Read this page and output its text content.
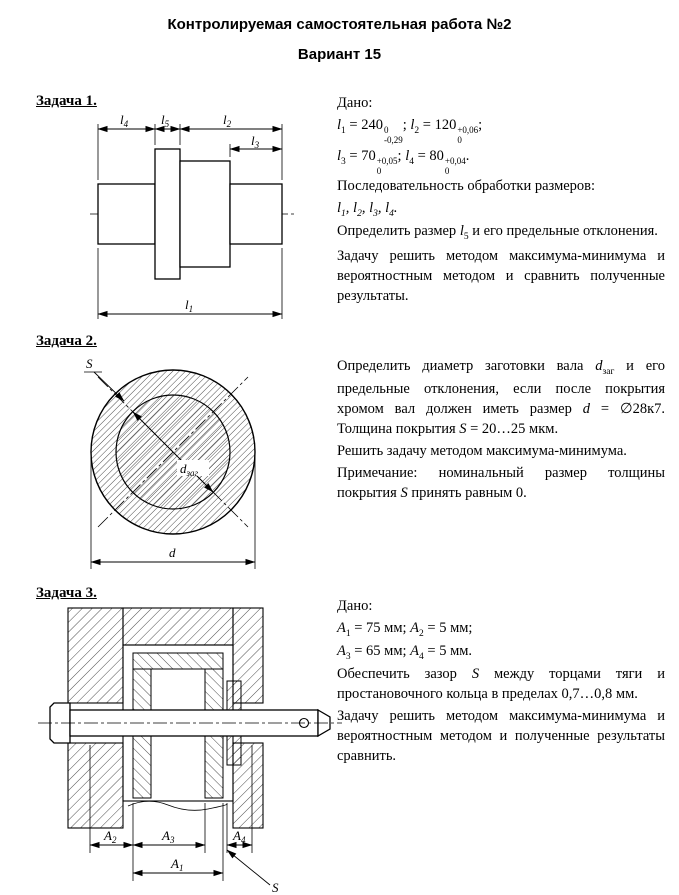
Контролируемая самостоятельная работа №2
Вариант 15
Задача 1.
$l_4$	$l_5$	$l_2$
$l_3$
$l_1$

Дано:

$l_1 = 240$ 0
-0,29
; $l_2 = 120 +0,06$
0
;
$l_3 = 70 +0,05$
0
; $l_4 = 80 +0,04$
0
.

Последовательность обработки размеров:

$l_1$, $l_2$, $l_3$, $l_4$.

Определить размер $l_5$ и его предельные отклонения.

Задачу решить методом максимума-минимума и вероятностным методом и сравнить полученные результаты.

Задача 2.
$d_{заг}$
S
d

Определить диаметр заготовки вала $d_{заг}$ и его предельные отклонения, если после покрытия хромом вал должен иметь размер d = ∅28к7. Толщина покрытия S = 20…25 мкм.

Решить задачу методом максимума-минимума.

Примечание: номинальный размер толщины покрытия S принять равным 0.

Задача 3.
$A_2$	$A_3$	$A_4$
$A_1$
S

Дано:

$A_1 = 75$ мм; $A_2 = 5$ мм;
$A_3 = 65$ мм; $A_4 = 5$ мм.

Обеспечить зазор S между торцами тяги и простановочного кольца в пределах 0,7…0,8 мм.

Задачу решить методом максимума-минимума и вероятностным методом и полученные результаты сравнить.
